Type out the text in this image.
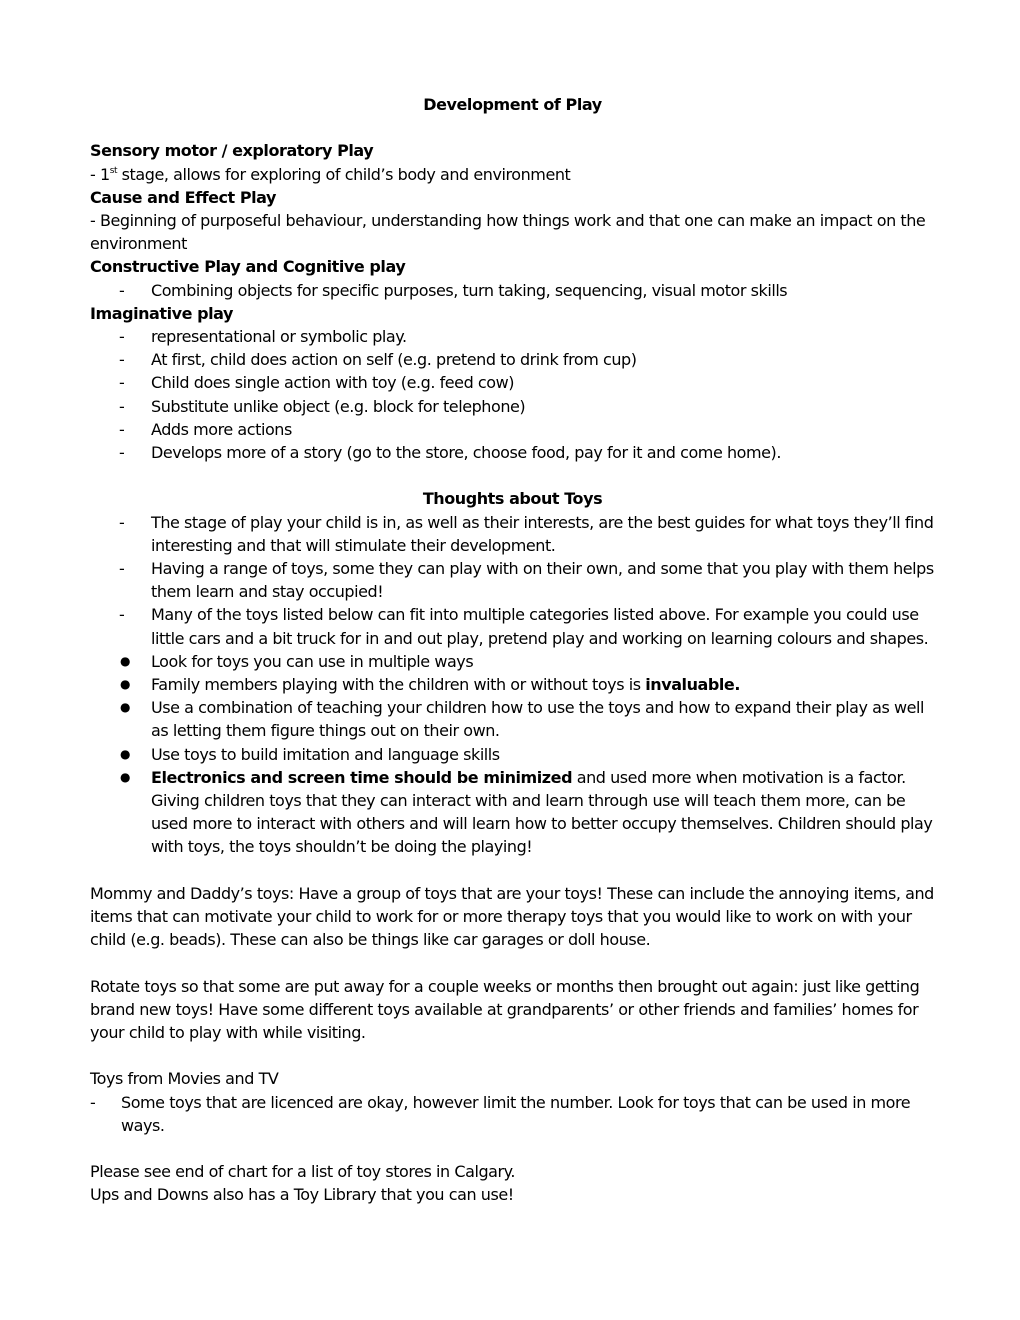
Development of Play

Sensory motor / exploratory Play

- 1st stage, allows for exploring of child’s body and environment

Cause and Effect Play

- Beginning of purposeful behaviour, understanding how things work and that one can make an impact on the environment

Constructive Play and Cognitive play

- Combining objects for specific purposes, turn taking, sequencing, visual motor skills

Imaginative play

- representational or symbolic play.
- At first, child does action on self (e.g. pretend to drink from cup)
- Child does single action with toy (e.g. feed cow)
- Substitute unlike object (e.g. block for telephone)
- Adds more actions
- Develops more of a story (go to the store, choose food, pay for it and come home).

Thoughts about Toys

- The stage of play your child is in, as well as their interests, are the best guides for what toys they’ll find interesting and that will stimulate their development.
- Having a range of toys, some they can play with on their own, and some that you play with them helps them learn and stay occupied!
- Many of the toys listed below can fit into multiple categories listed above. For example you could use little cars and a bit truck for in and out play, pretend play and working on learning colours and shapes.
● Look for toys you can use in multiple ways
● Family members playing with the children with or without toys is invaluable.
● Use a combination of teaching your children how to use the toys and how to expand their play as well as letting them figure things out on their own.
● Use toys to build imitation and language skills
● Electronics and screen time should be minimized and used more when motivation is a factor. Giving children toys that they can interact with and learn through use will teach them more, can be used more to interact with others and will learn how to better occupy themselves. Children should play with toys, the toys shouldn’t be doing the playing!

Mommy and Daddy’s toys: Have a group of toys that are your toys! These can include the annoying items, and items that can motivate your child to work for or more therapy toys that you would like to work on with your child (e.g. beads). These can also be things like car garages or doll house.

Rotate toys so that some are put away for a couple weeks or months then brought out again: just like getting brand new toys! Have some different toys available at grandparents’ or other friends and families’ homes for your child to play with while visiting.

Toys from Movies and TV

- Some toys that are licenced are okay, however limit the number. Look for toys that can be used in more ways.

Please see end of chart for a list of toy stores in Calgary.

Ups and Downs also has a Toy Library that you can use!
